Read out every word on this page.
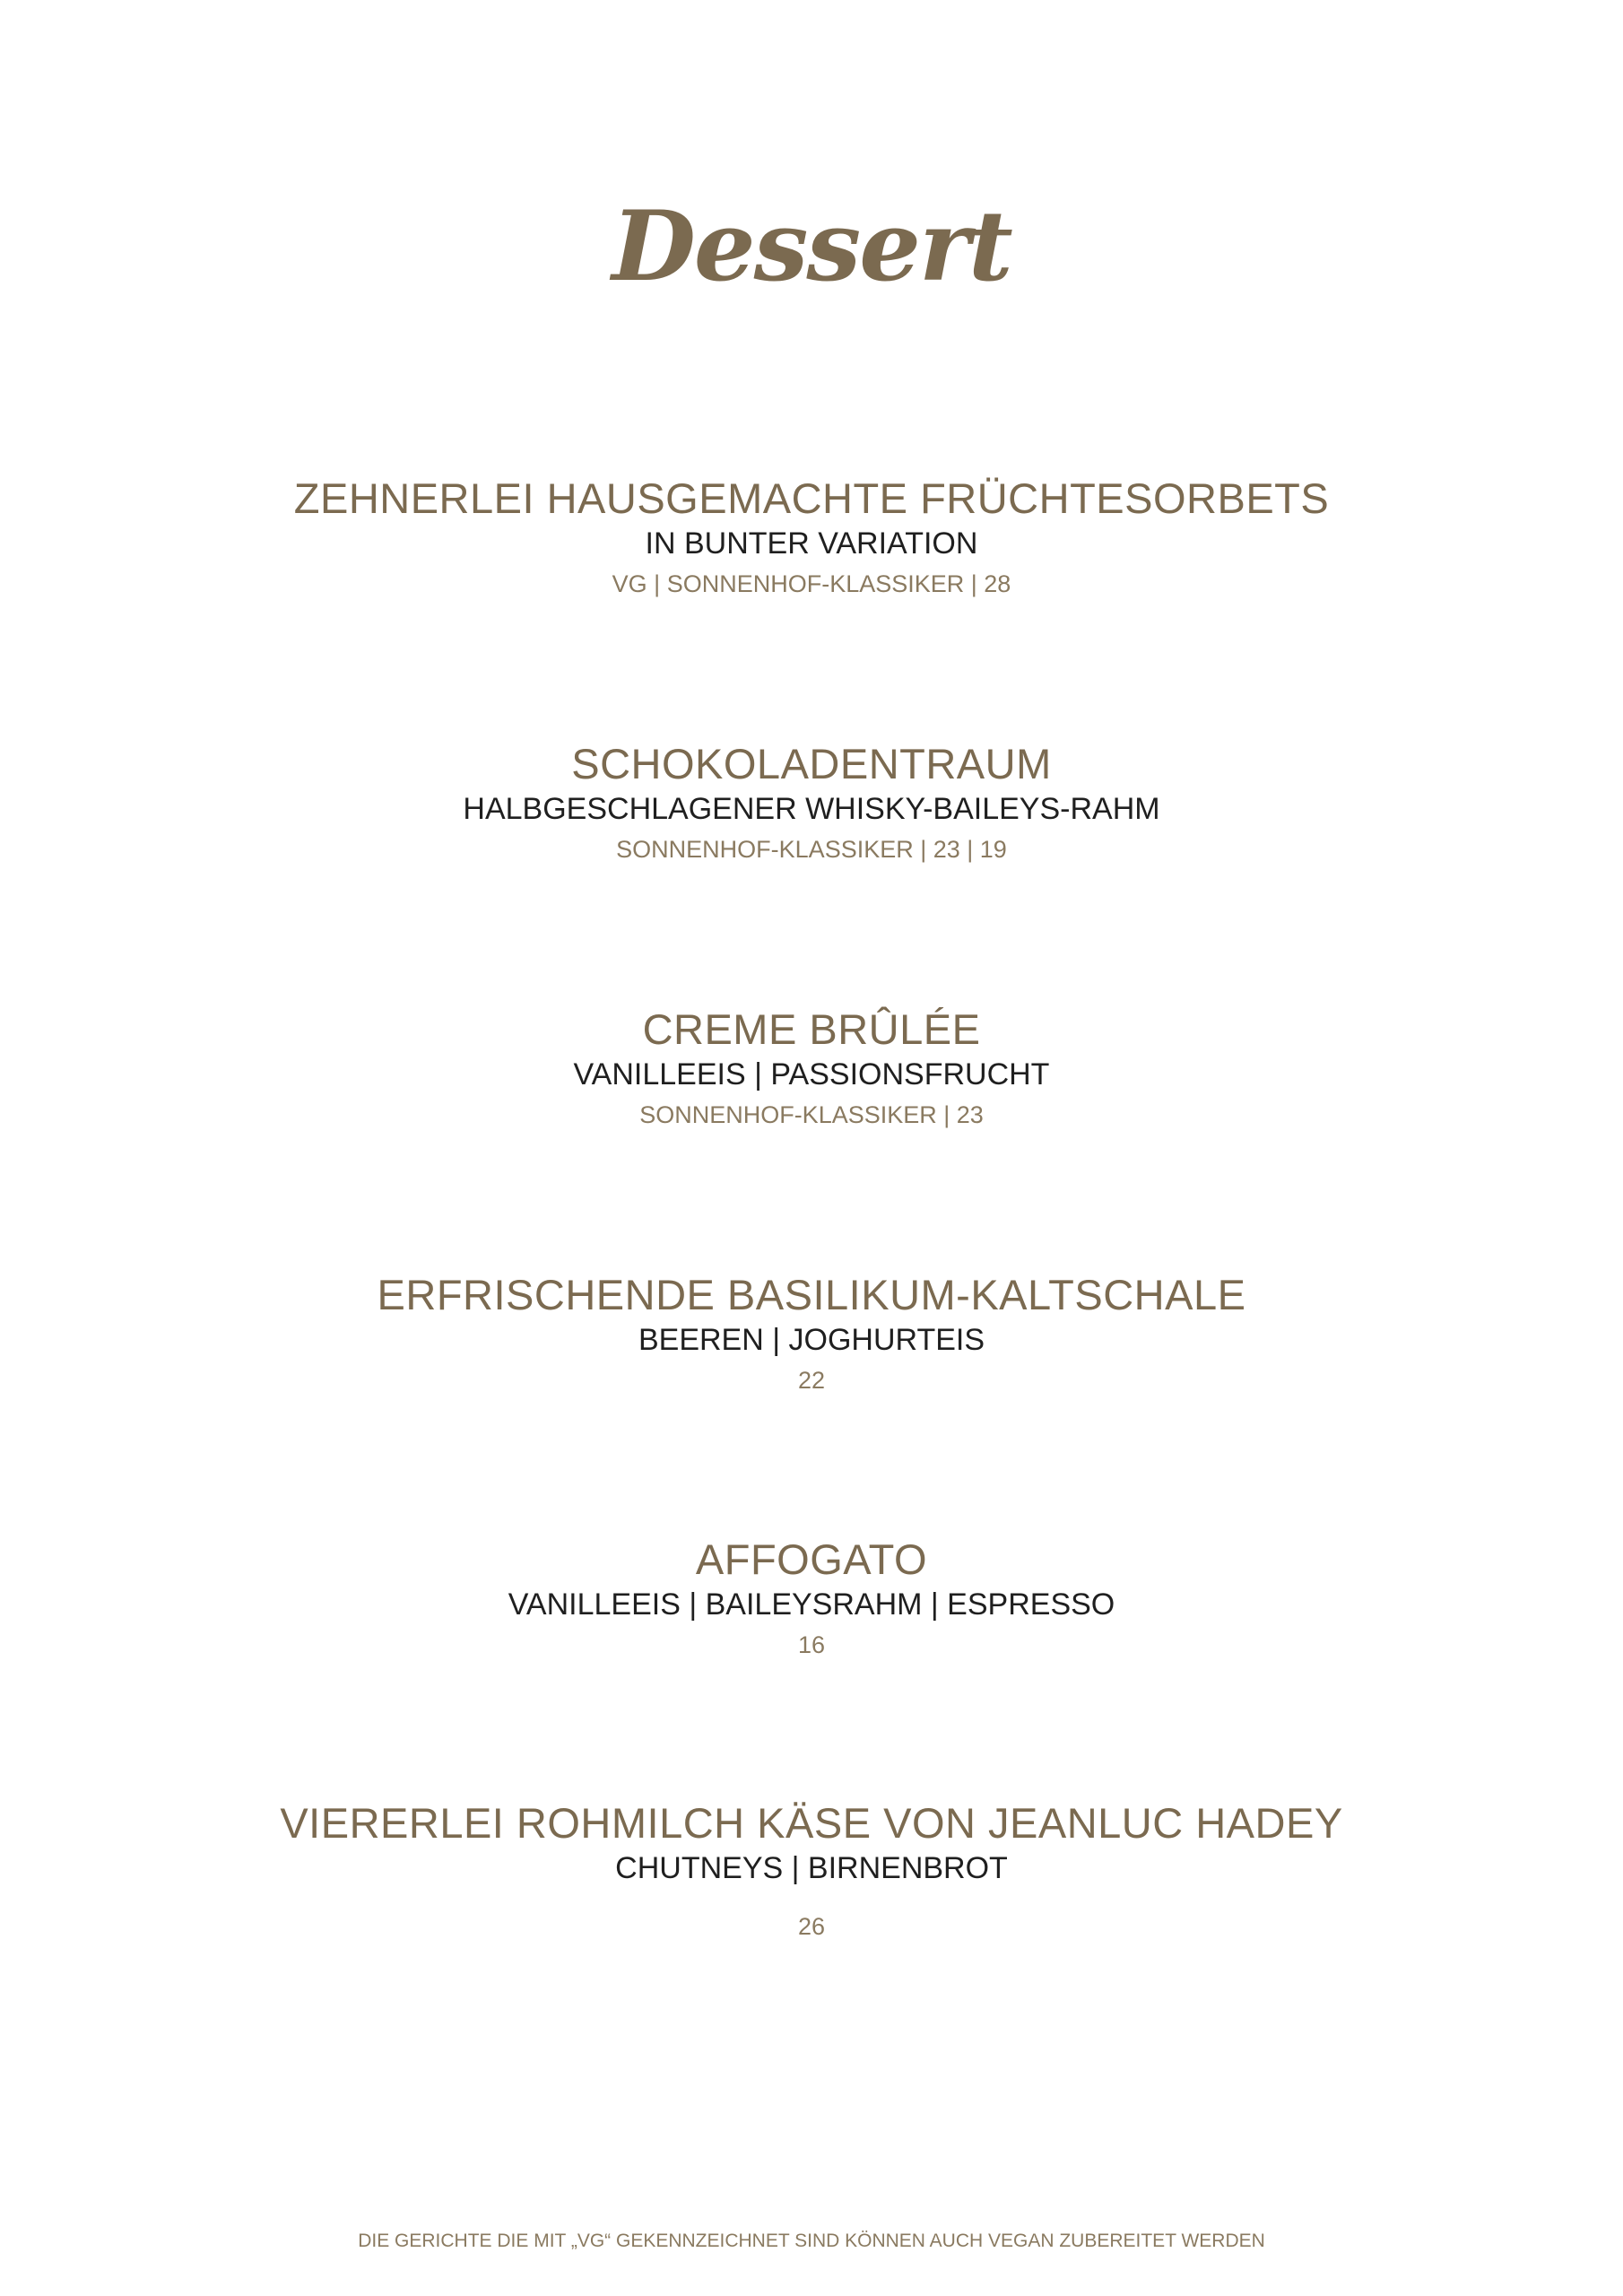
Dessert
ZEHNERLEI HAUSGEMACHTE FRÜCHTESORBETS
IN BUNTER VARIATION
VG | SONNENHOF-KLASSIKER | 28
SCHOKOLADENTRAUM
HALBGESCHLAGENER WHISKY-BAILEYS-RAHM
SONNENHOF-KLASSIKER | 23 | 19
CREME BRÛLÉE
VANILLEEIS | PASSIONSFRUCHT
SONNENHOF-KLASSIKER | 23
ERFRISCHENDE BASILIKUM-KALTSCHALE
BEEREN | JOGHURTEIS
22
AFFOGATO
VANILLEEIS | BAILEYSRAHM | ESPRESSO
16
VIERERLEI ROHMILCH KÄSE VON JEANLUC HADEY
CHUTNEYS | BIRNENBROT
26
DIE GERICHTE DIE MIT „VG“ GEKENNZEICHNET SIND KÖNNEN AUCH VEGAN ZUBEREITET WERDEN
